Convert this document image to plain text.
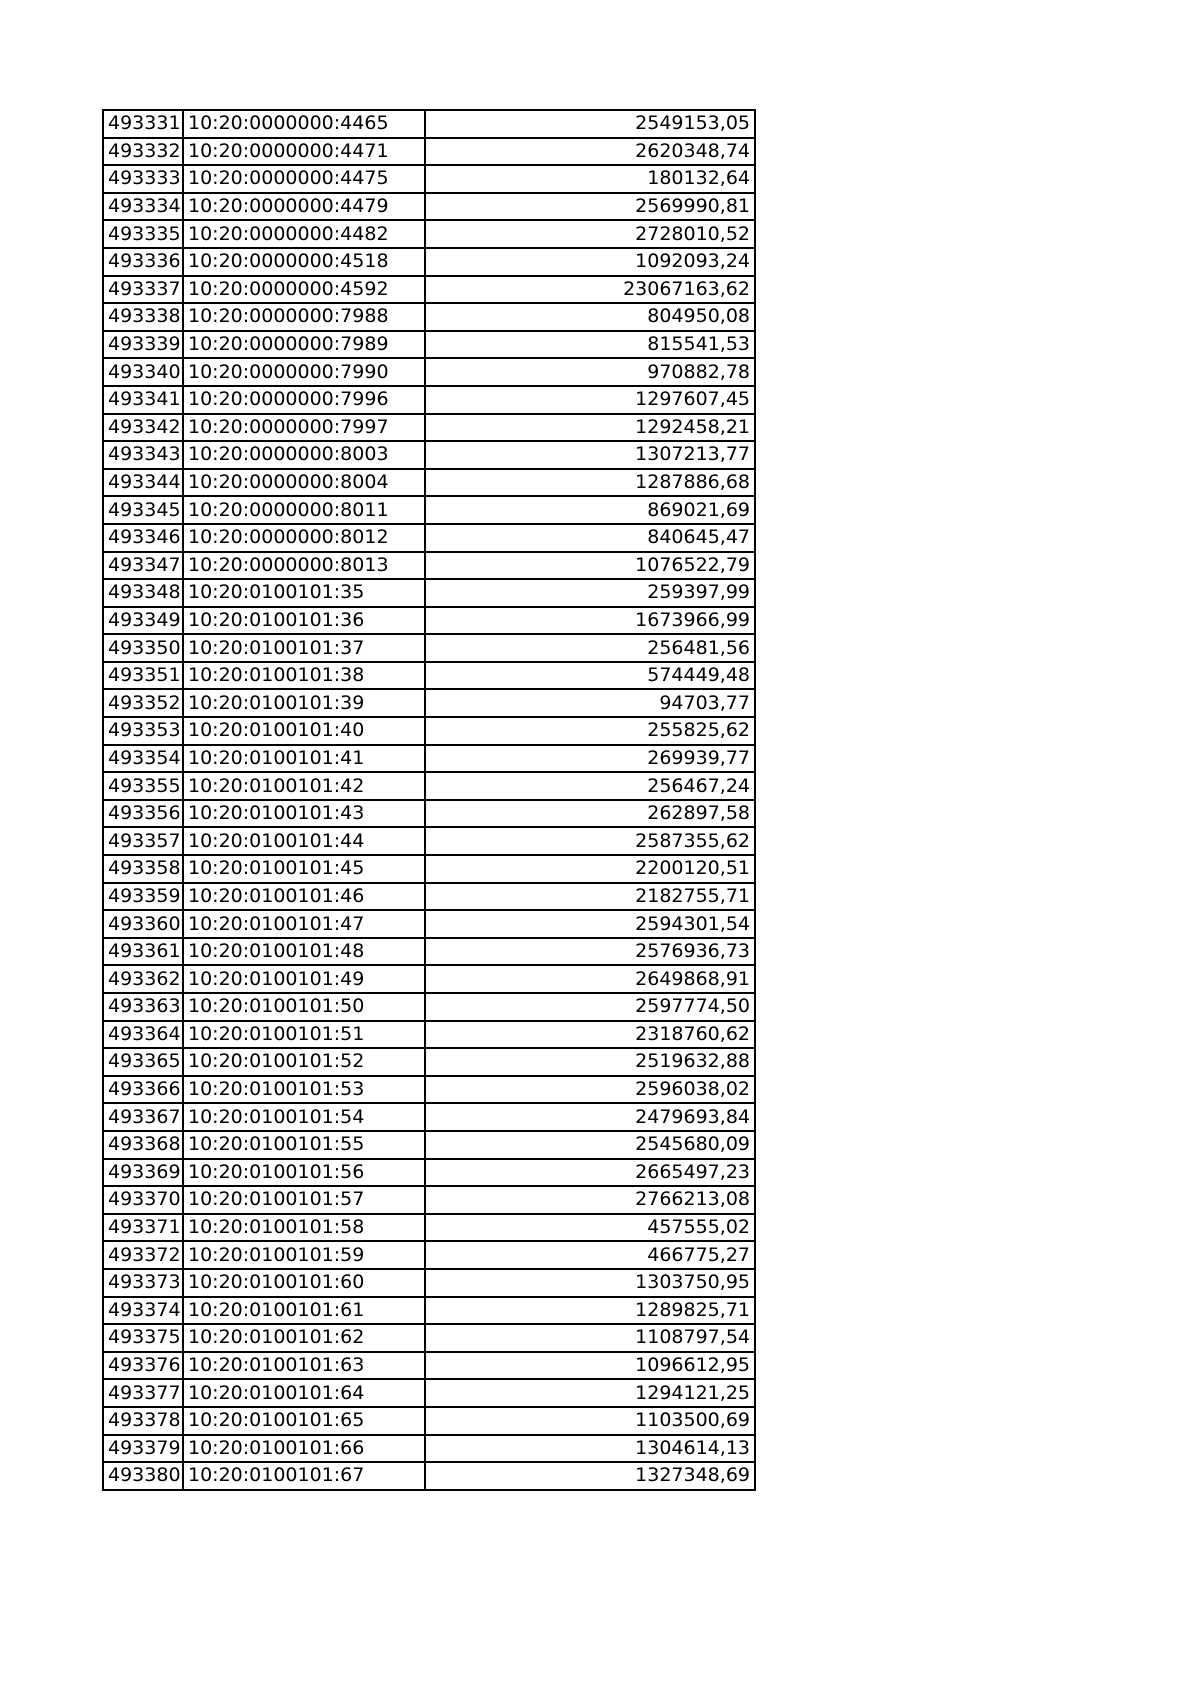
493331	10:20:0000000:4465	2549153,05
493332	10:20:0000000:4471	2620348,74
493333	10:20:0000000:4475	180132,64
493334	10:20:0000000:4479	2569990,81
493335	10:20:0000000:4482	2728010,52
493336	10:20:0000000:4518	1092093,24
493337	10:20:0000000:4592	23067163,62
493338	10:20:0000000:7988	804950,08
493339	10:20:0000000:7989	815541,53
493340	10:20:0000000:7990	970882,78
493341	10:20:0000000:7996	1297607,45
493342	10:20:0000000:7997	1292458,21
493343	10:20:0000000:8003	1307213,77
493344	10:20:0000000:8004	1287886,68
493345	10:20:0000000:8011	869021,69
493346	10:20:0000000:8012	840645,47
493347	10:20:0000000:8013	1076522,79
493348	10:20:0100101:35	259397,99
493349	10:20:0100101:36	1673966,99
493350	10:20:0100101:37	256481,56
493351	10:20:0100101:38	574449,48
493352	10:20:0100101:39	94703,77
493353	10:20:0100101:40	255825,62
493354	10:20:0100101:41	269939,77
493355	10:20:0100101:42	256467,24
493356	10:20:0100101:43	262897,58
493357	10:20:0100101:44	2587355,62
493358	10:20:0100101:45	2200120,51
493359	10:20:0100101:46	2182755,71
493360	10:20:0100101:47	2594301,54
493361	10:20:0100101:48	2576936,73
493362	10:20:0100101:49	2649868,91
493363	10:20:0100101:50	2597774,50
493364	10:20:0100101:51	2318760,62
493365	10:20:0100101:52	2519632,88
493366	10:20:0100101:53	2596038,02
493367	10:20:0100101:54	2479693,84
493368	10:20:0100101:55	2545680,09
493369	10:20:0100101:56	2665497,23
493370	10:20:0100101:57	2766213,08
493371	10:20:0100101:58	457555,02
493372	10:20:0100101:59	466775,27
493373	10:20:0100101:60	1303750,95
493374	10:20:0100101:61	1289825,71
493375	10:20:0100101:62	1108797,54
493376	10:20:0100101:63	1096612,95
493377	10:20:0100101:64	1294121,25
493378	10:20:0100101:65	1103500,69
493379	10:20:0100101:66	1304614,13
493380	10:20:0100101:67	1327348,69
